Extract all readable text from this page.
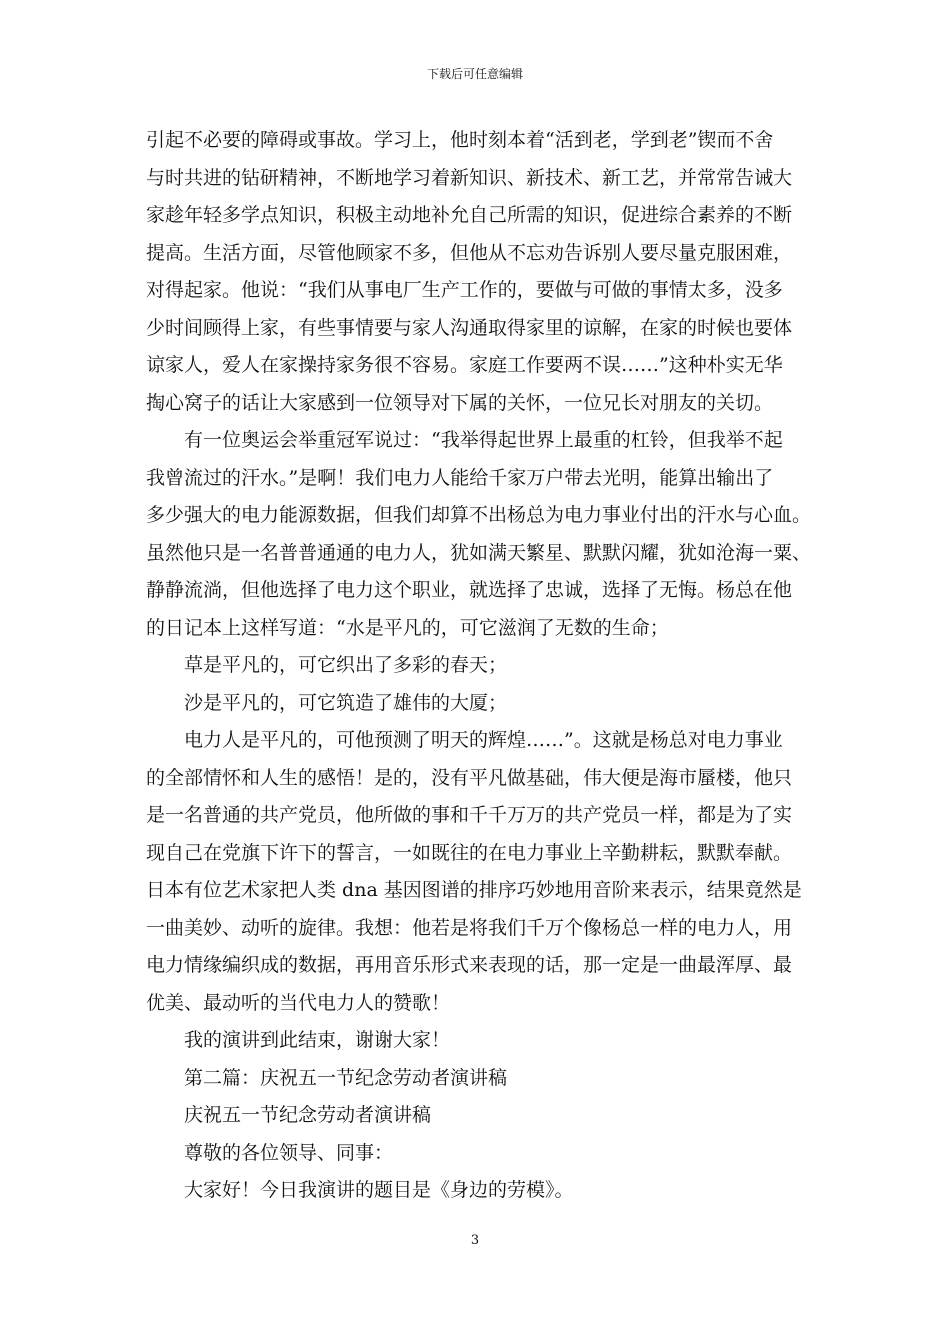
下载后可任意编辑
引起不必要的障碍或事故。学习上，他时刻本着“活到老，学到老”锲而不舍
与时共进的钻研精神，不断地学习着新知识、新技术、新工艺，并常常告诫大
家趁年轻多学点知识，积极主动地补允自己所需的知识，促进综合素养的不断
提高。生活方面，尽管他顾家不多，但他从不忘劝告诉别人要尽量克服困难，
对得起家。他说：“我们从事电厂生产工作的，要做与可做的事情太多，没多
少时间顾得上家，有些事情要与家人沟通取得家里的谅解，在家的时候也要体
谅家人，爱人在家操持家务很不容易。家庭工作要两不误……”这种朴实无华
掏心窝子的话让大家感到一位领导对下属的关怀，一位兄长对朋友的关切。
有一位奥运会举重冠军说过：“我举得起世界上最重的杠铃，但我举不起
我曾流过的汗水。”是啊！我们电力人能给千家万户带去光明，能算出输出了
多少强大的电力能源数据，但我们却算不出杨总为电力事业付出的汗水与心血。
虽然他只是一名普普通通的电力人，犹如满天繁星、默默闪耀，犹如沧海一粟、
静静流淌，但他选择了电力这个职业，就选择了忠诚，选择了无悔。杨总在他
的日记本上这样写道：“水是平凡的，可它滋润了无数的生命；
草是平凡的，可它织出了多彩的春天；
沙是平凡的，可它筑造了雄伟的大厦；
电力人是平凡的，可他预测了明天的辉煌……”。这就是杨总对电力事业
的全部情怀和人生的感悟！是的，没有平凡做基础，伟大便是海市蜃楼，他只
是一名普通的共产党员，他所做的事和千千万万的共产党员一样，都是为了实
现自己在党旗下许下的誓言，一如既往的在电力事业上辛勤耕耘，默默奉献。
日本有位艺术家把人类 dna 基因图谱的排序巧妙地用音阶来表示，结果竟然是
一曲美妙、动听的旋律。我想：他若是将我们千万个像杨总一样的电力人，用
电力情缘编织成的数据，再用音乐形式来表现的话，那一定是一曲最浑厚、最
优美、最动听的当代电力人的赞歌！
我的演讲到此结束，谢谢大家！
第二篇：庆祝五一节纪念劳动者演讲稿
庆祝五一节纪念劳动者演讲稿
尊敬的各位领导、同事：
大家好！今日我演讲的题目是《身边的劳模》。
3
